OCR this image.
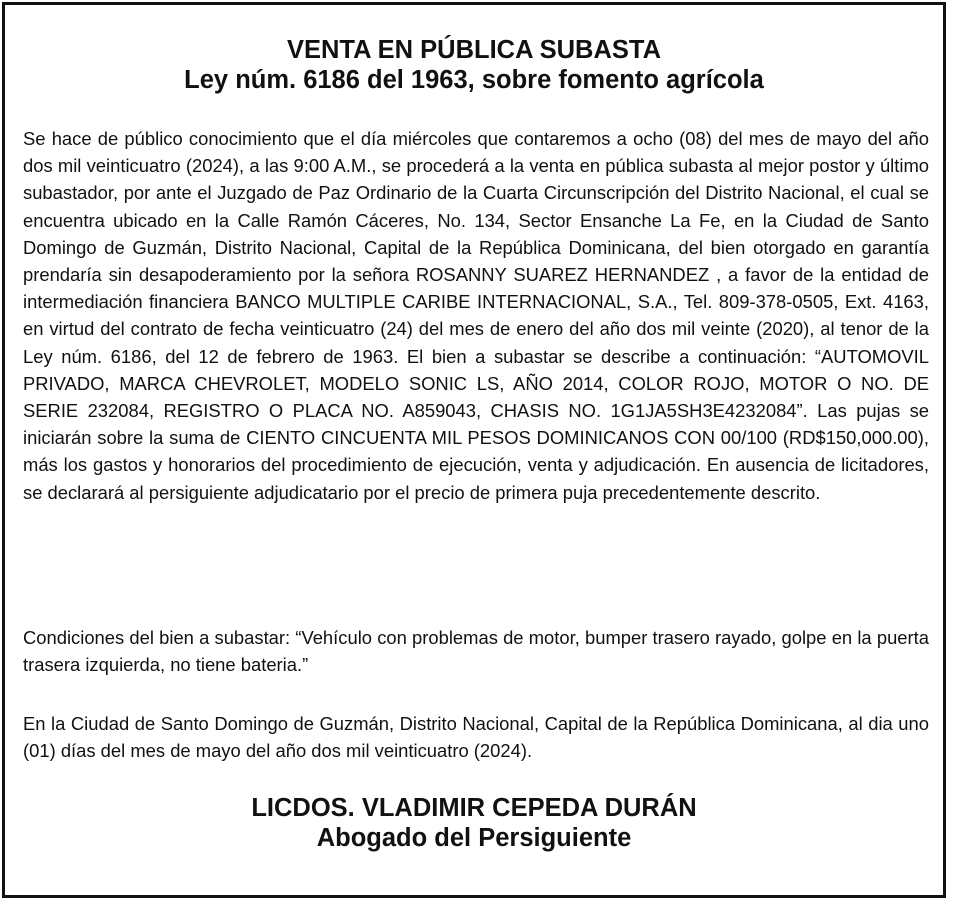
VENTA EN PÚBLICA SUBASTA

Ley núm. 6186 del 1963, sobre fomento agrícola

Se hace de público conocimiento que el día miércoles que contaremos a ocho (08) del mes de mayo del año dos mil veinticuatro (2024), a las 9:00 A.M., se procederá a la venta en pública subasta al mejor postor y último subastador, por ante el Juzgado de Paz Ordinario de la Cuarta Circunscripción del Distrito Nacional, el cual se encuentra ubicado en la Calle Ramón Cáceres, No. 134, Sector Ensanche La Fe, en la Ciudad de Santo Domingo de Guzmán, Distrito Nacional, Capital de la República Dominicana, del bien otorgado en garantía prendaría sin desapoderamiento por la señora ROSANNY SUAREZ HERNANDEZ , a favor de la entidad de intermediación financiera BANCO MULTIPLE CARIBE INTERNACIONAL, S.A., Tel. 809-378-0505, Ext. 4163, en virtud del contrato de fecha veinticuatro (24) del mes de enero del año dos mil veinte (2020), al tenor de la Ley núm. 6186, del 12 de febrero de 1963. El bien a subastar se describe a continuación: “AUTOMOVIL PRIVADO, MARCA CHEVROLET, MODELO SONIC LS, AÑO 2014, COLOR ROJO, MOTOR O NO. DE SERIE 232084, REGISTRO O PLACA NO. A859043, CHASIS NO. 1G1JA5SH3E4232084”. Las pujas se iniciarán sobre la suma de CIENTO CINCUENTA MIL PESOS DOMINICANOS CON 00/100 (RD$150,000.00), más los gastos y honorarios del procedimiento de ejecución, venta y adjudicación. En ausencia de licitadores, se declarará al persiguiente adjudicatario por el precio de primera puja precedentemente descrito.

Condiciones del bien a subastar: “Vehículo con problemas de motor, bumper trasero rayado, golpe en la puerta trasera izquierda, no tiene bateria.”

En la Ciudad de Santo Domingo de Guzmán, Distrito Nacional, Capital de la República Dominicana, al dia uno (01) días del mes de mayo del año dos mil veinticuatro (2024).

LICDOS. VLADIMIR CEPEDA DURÁN

Abogado del Persiguiente
